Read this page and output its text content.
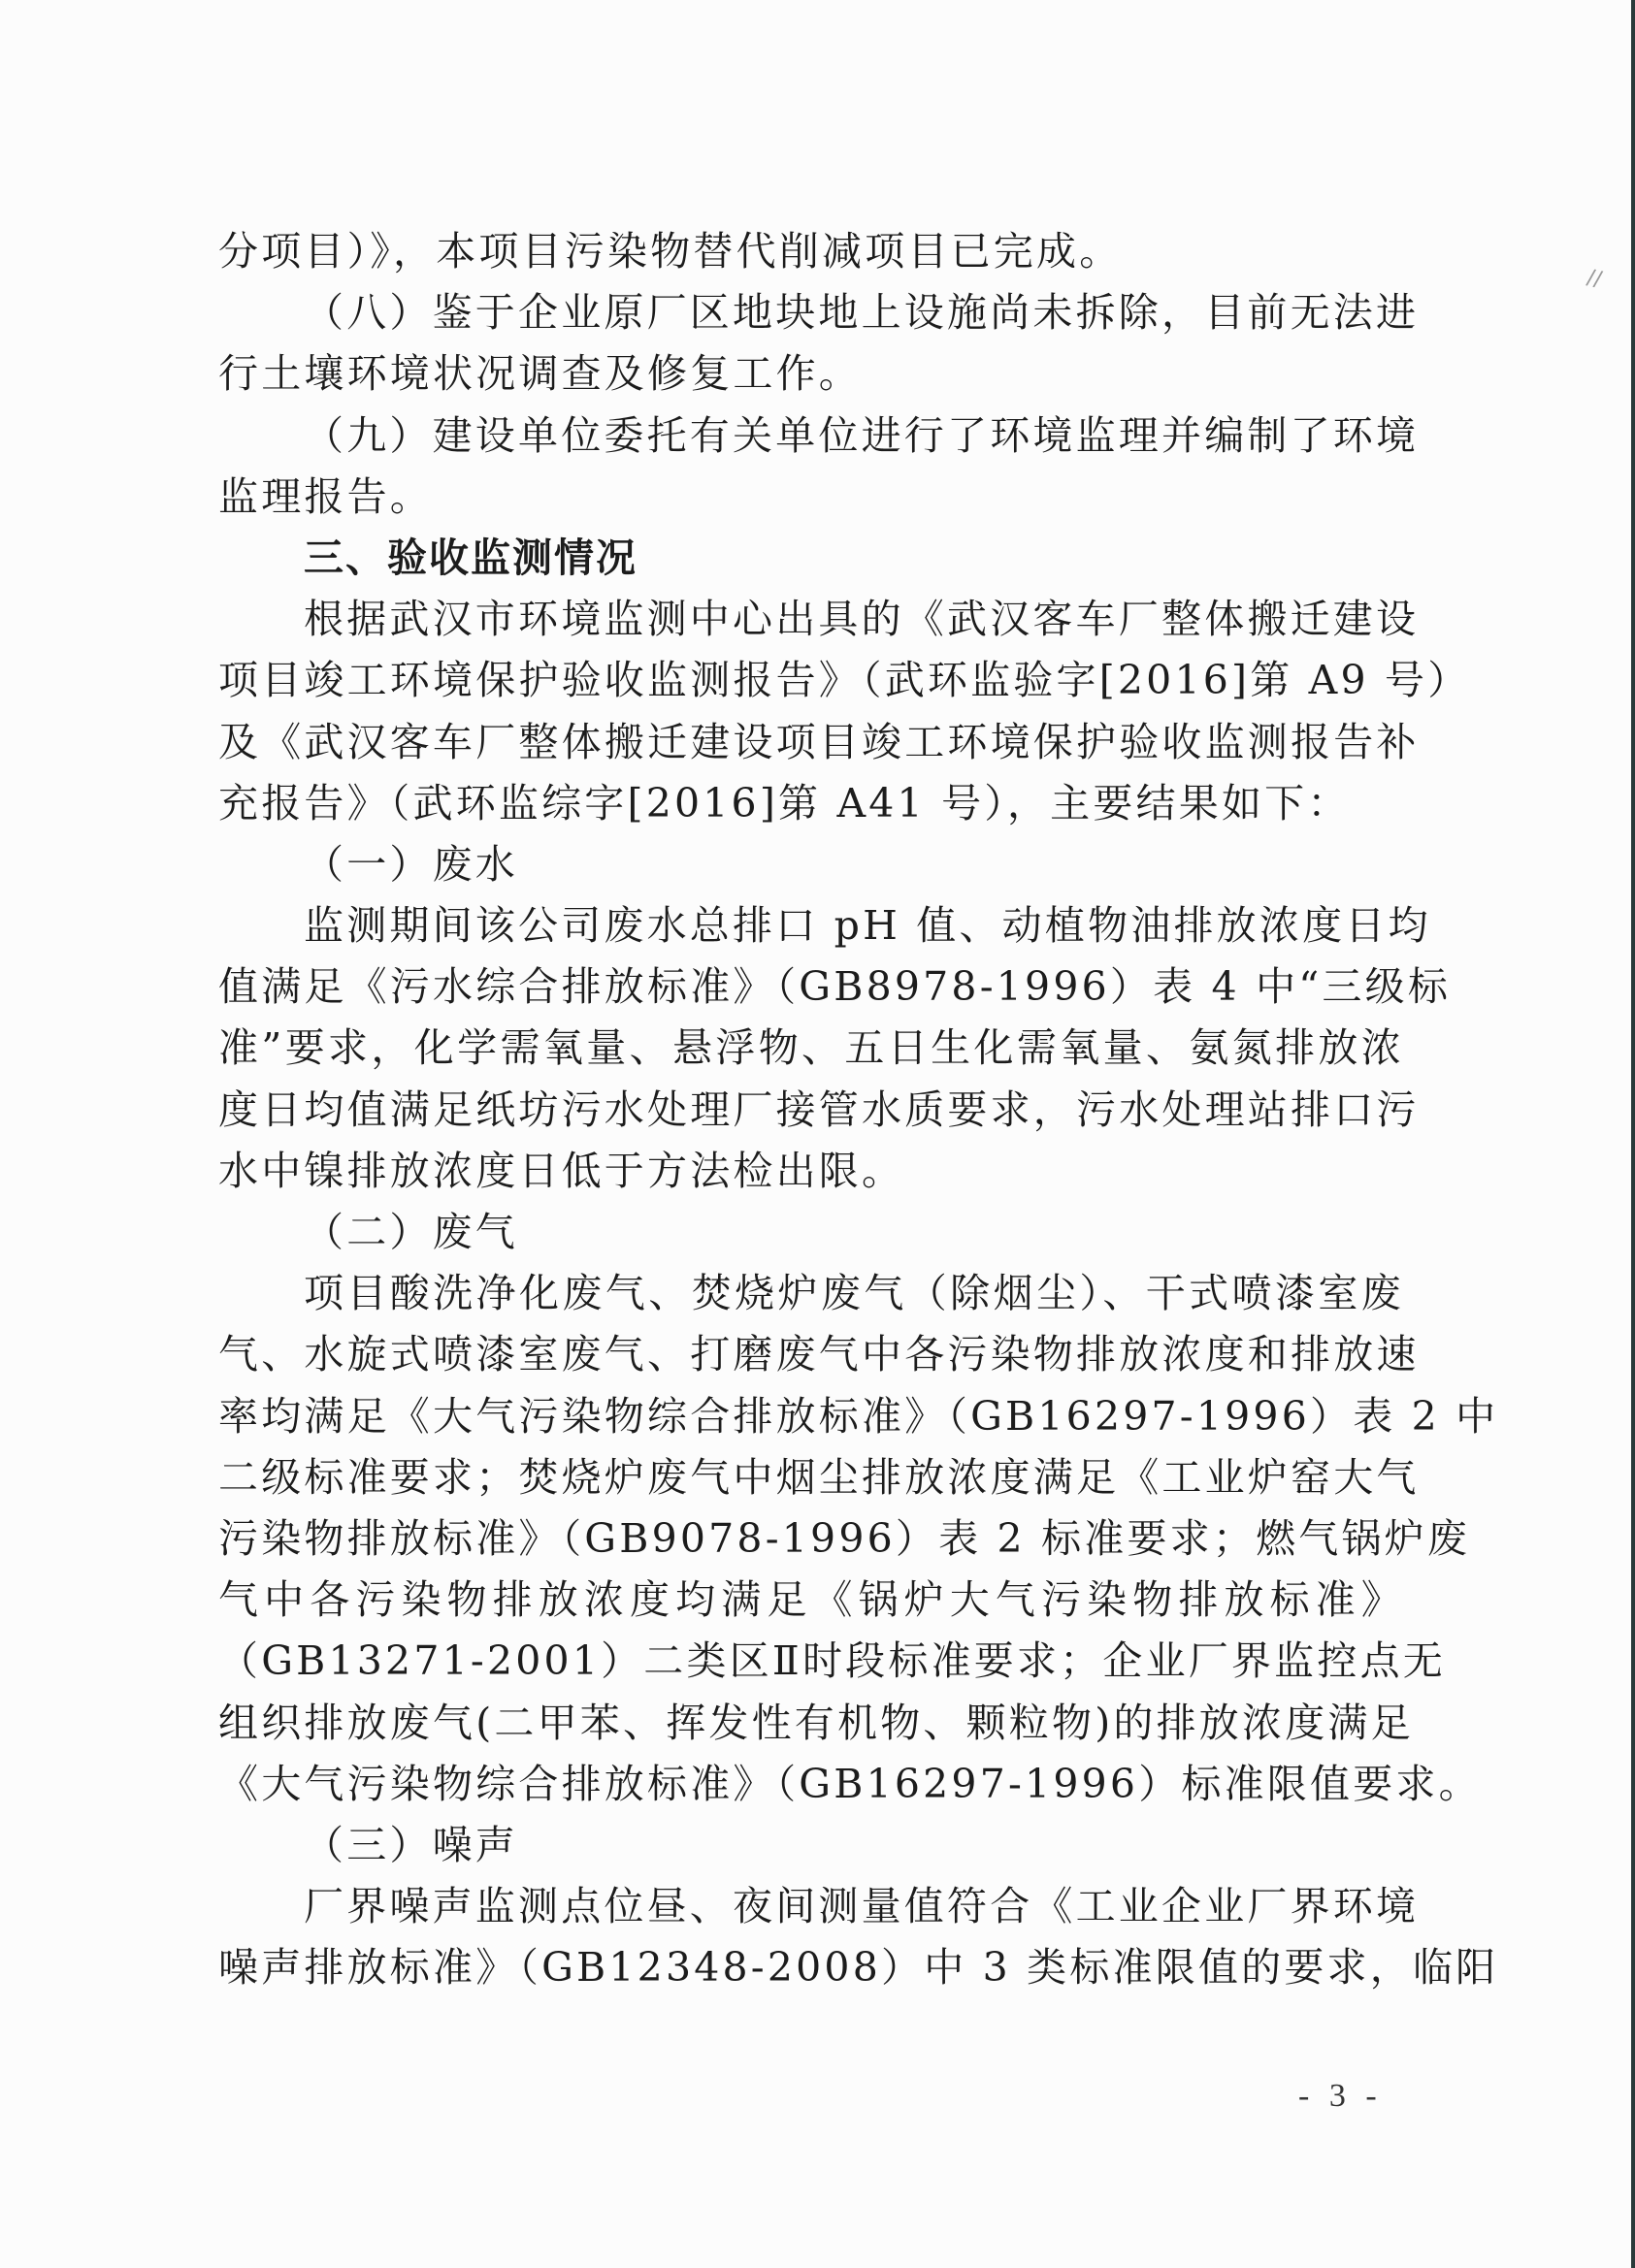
//
分项目）》，本项目污染物替代削减项目已完成。
（八）鉴于企业原厂区地块地上设施尚未拆除，目前无法进
行土壤环境状况调查及修复工作。
（九）建设单位委托有关单位进行了环境监理并编制了环境
监理报告。
三、验收监测情况
根据武汉市环境监测中心出具的《武汉客车厂整体搬迁建设
项目竣工环境保护验收监测报告》（武环监验字[2016]第 A9 号）
及《武汉客车厂整体搬迁建设项目竣工环境保护验收监测报告补
充报告》（武环监综字[2016]第 A41 号），主要结果如下：
（一）废水
监测期间该公司废水总排口 pH 值、动植物油排放浓度日均
值满足《污水综合排放标准》（GB8978-1996）表 4 中“三级标
准”要求，化学需氧量、悬浮物、五日生化需氧量、氨氮排放浓
度日均值满足纸坊污水处理厂接管水质要求，污水处理站排口污
水中镍排放浓度日低于方法检出限。
（二）废气
项目酸洗净化废气、焚烧炉废气（除烟尘）、干式喷漆室废
气、水旋式喷漆室废气、打磨废气中各污染物排放浓度和排放速
率均满足《大气污染物综合排放标准》（GB16297-1996）表 2 中
二级标准要求；焚烧炉废气中烟尘排放浓度满足《工业炉窑大气
污染物排放标准》（GB9078-1996）表 2 标准要求；燃气锅炉废
气中各污染物排放浓度均满足《锅炉大气污染物排放标准》
（GB13271-2001）二类区Ⅱ时段标准要求；企业厂界监控点无
组织排放废气(二甲苯、挥发性有机物、颗粒物)的排放浓度满足
《大气污染物综合排放标准》（GB16297-1996）标准限值要求。
（三）噪声
厂界噪声监测点位昼、夜间测量值符合《工业企业厂界环境
噪声排放标准》（GB12348-2008）中 3 类标准限值的要求，临阳
- 3 -
